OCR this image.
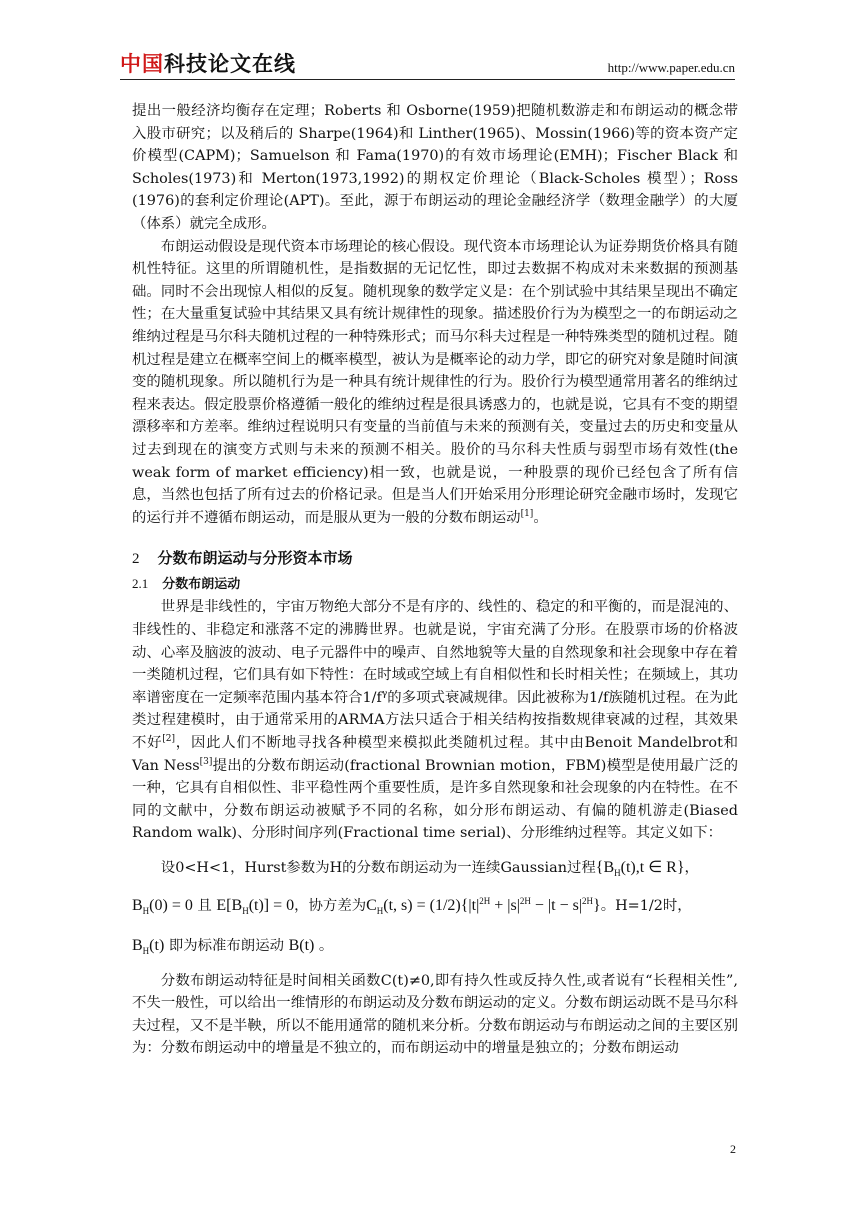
中国科技论文在线	http://www.paper.edu.cn

提出一般经济均衡存在定理；Roberts 和 Osborne(1959)把随机数游走和布朗运动的概念带入股市研究；以及稍后的 Sharpe(1964)和 Linther(1965)、Mossin(1966)等的资本资产定价模型(CAPM)；Samuelson 和 Fama(1970)的有效市场理论(EMH)；Fischer Black 和 Scholes(1973)和 Merton(1973,1992)的期权定价理论（Black-Scholes 模型）；Ross (1976)的套利定价理论(APT)。至此，源于布朗运动的理论金融经济学（数理金融学）的大厦（体系）就完全成形。

布朗运动假设是现代资本市场理论的核心假设。现代资本市场理论认为证券期货价格具有随机性特征。这里的所谓随机性，是指数据的无记忆性，即过去数据不构成对未来数据的预测基础。同时不会出现惊人相似的反复。随机现象的数学定义是：在个别试验中其结果呈现出不确定性；在大量重复试验中其结果又具有统计规律性的现象。描述股价行为为模型之一的布朗运动之维纳过程是马尔科夫随机过程的一种特殊形式；而马尔科夫过程是一种特殊类型的随机过程。随机过程是建立在概率空间上的概率模型，被认为是概率论的动力学，即它的研究对象是随时间演变的随机现象。所以随机行为是一种具有统计规律性的行为。股价行为模型通常用著名的维纳过程来表达。假定股票价格遵循一般化的维纳过程是很具诱惑力的，也就是说，它具有不变的期望漂移率和方差率。维纳过程说明只有变量的当前值与未来的预测有关，变量过去的历史和变量从过去到现在的演变方式则与未来的预测不相关。股价的马尔科夫性质与弱型市场有效性(the weak form of market efficiency)相一致，也就是说，一种股票的现价已经包含了所有信息，当然也包括了所有过去的价格记录。但是当人们开始采用分形理论研究金融市场时，发现它的运行并不遵循布朗运动，而是服从更为一般的分数布朗运动[1]。

2 分数布朗运动与分形资本市场
2.1 分数布朗运动

世界是非线性的，宇宙万物绝大部分不是有序的、线性的、稳定的和平衡的，而是混沌的、非线性的、非稳定和涨落不定的沸腾世界。也就是说，宇宙充满了分形。在股票市场的价格波动、心率及脑波的波动、电子元器件中的噪声、自然地貌等大量的自然现象和社会现象中存在着一类随机过程，它们具有如下特性：在时域或空域上有自相似性和长时相关性；在频域上，其功率谱密度在一定频率范围内基本符合$1/f^\gamma$的多项式衰减规律。因此被称为1/f族随机过程。在为此类过程建模时，由于通常采用的ARMA方法只适合于相关结构按指数规律衰减的过程，其效果不好[2]，因此人们不断地寻找各种模型来模拟此类随机过程。其中由Benoit Mandelbrot和Van Ness[3]提出的分数布朗运动(fractional Brownian motion，FBM)模型是使用最广泛的一种，它具有自相似性、非平稳性两个重要性质，是许多自然现象和社会现象的内在特性。在不同的文献中，分数布朗运动被赋予不同的名称，如分形布朗运动、有偏的随机游走(Biased Random walk)、分形时间序列(Fractional time serial)、分形维纳过程等。其定义如下：

设0<H<1，Hurst参数为H的分数布朗运动为一连续Gaussian过程{$B_H(t),t$ ∈ R}，

$B_H(0) = 0$ 且 $E[B_H(t)] = 0$，协方差为$C_H(t$, $s) = (1/2)\{|t|^{2H} + |s|^{2H} - |t - s|^{2H}\}$。H=1/2时，

$B_H(t)$ 即为标准布朗运动 B(t) 。

分数布朗运动特征是时间相关函数C(t)≠0,即有持久性或反持久性,或者说有“长程相关性”,不失一般性，可以给出一维情形的布朗运动及分数布朗运动的定义。分数布朗运动既不是马尔科夫过程，又不是半鞅，所以不能用通常的随机来分析。分数布朗运动与布朗运动之间的主要区别为：分数布朗运动中的增量是不独立的，而布朗运动中的增量是独立的；分数布朗运动

2
